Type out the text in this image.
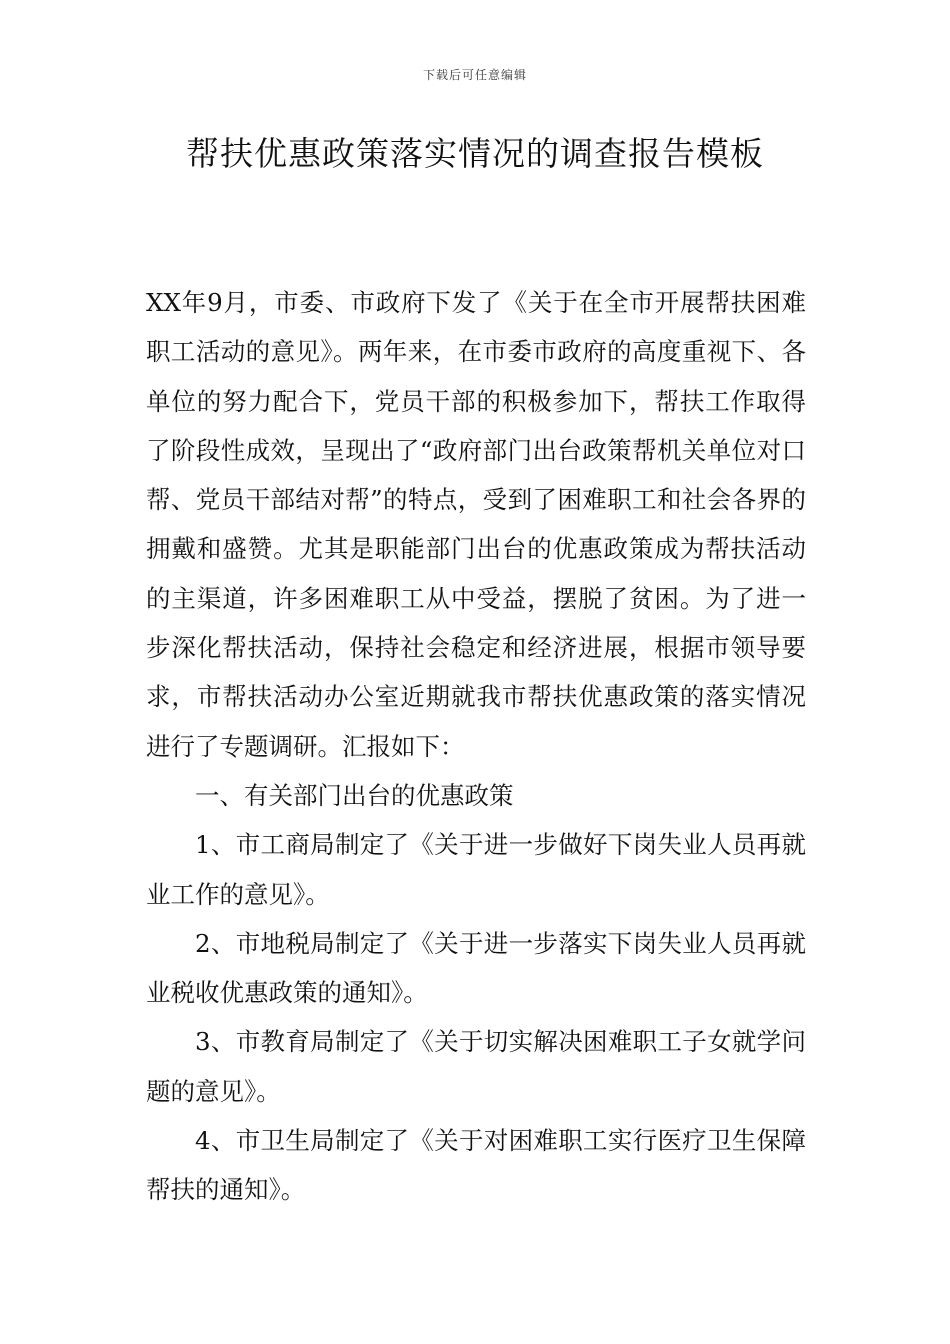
下载后可任意编辑
帮扶优惠政策落实情况的调查报告模板

XX年9月，市委、市政府下发了《关于在全市开展帮扶困难职工活动的意见》。两年来，在市委市政府的高度重视下、各单位的努力配合下，党员干部的积极参加下，帮扶工作取得了阶段性成效，呈现出了“政府部门出台政策帮机关单位对口帮、党员干部结对帮”的特点，受到了困难职工和社会各界的拥戴和盛赞。尤其是职能部门出台的优惠政策成为帮扶活动的主渠道，许多困难职工从中受益，摆脱了贫困。为了进一步深化帮扶活动，保持社会稳定和经济进展，根据市领导要求，市帮扶活动办公室近期就我市帮扶优惠政策的落实情况进行了专题调研。汇报如下：

一、有关部门出台的优惠政策

1、市工商局制定了《关于进一步做好下岗失业人员再就业工作的意见》。

2、市地税局制定了《关于进一步落实下岗失业人员再就业税收优惠政策的通知》。

3、市教育局制定了《关于切实解决困难职工子女就学问题的意见》。

4、市卫生局制定了《关于对困难职工实行医疗卫生保障帮扶的通知》。
